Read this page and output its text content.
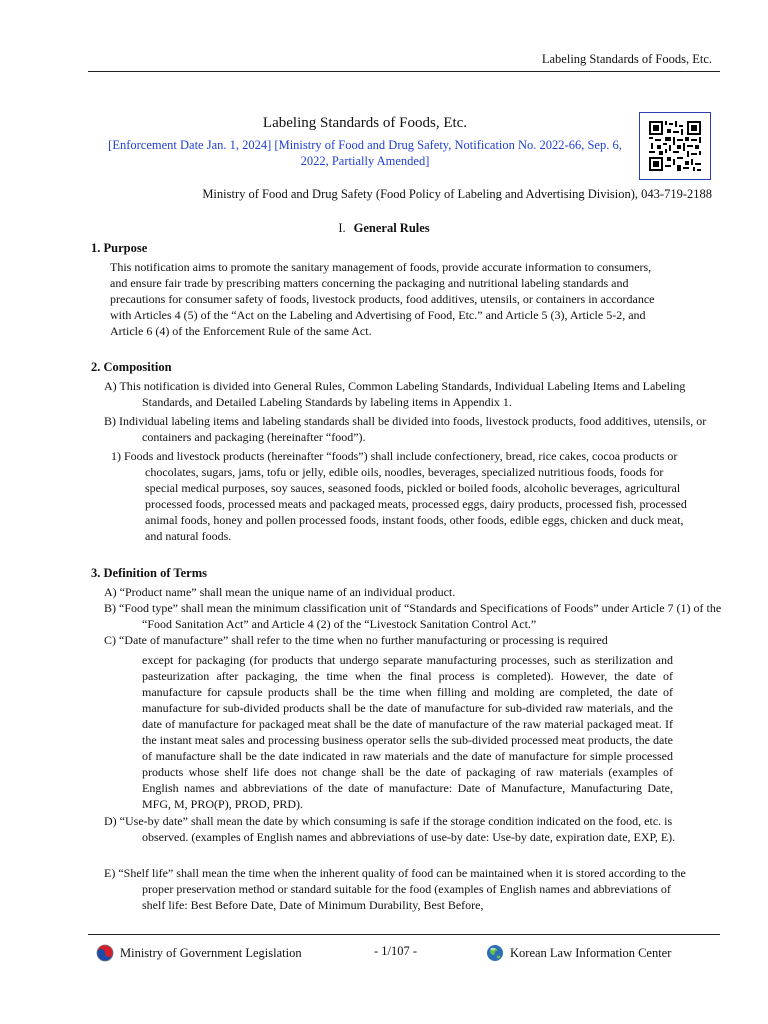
Labeling Standards of Foods, Etc.
Labeling Standards of Foods, Etc.
[Enforcement Date Jan. 1, 2024] [Ministry of Food and Drug Safety, Notification No. 2022-66, Sep. 6, 2022, Partially Amended]
Ministry of Food and Drug Safety (Food Policy of Labeling and Advertising Division), 043-719-2188
I. General Rules
1. Purpose
This notification aims to promote the sanitary management of foods, provide accurate information to consumers, and ensure fair trade by prescribing matters concerning the packaging and nutritional labeling standards and precautions for consumer safety of foods, livestock products, food additives, utensils, or containers in accordance with Articles 4 (5) of the “Act on the Labeling and Advertising of Food, Etc.” and Article 5 (3), Article 5-2, and Article 6 (4) of the Enforcement Rule of the same Act.
2. Composition
A) This notification is divided into General Rules, Common Labeling Standards, Individual Labeling Items and Labeling Standards, and Detailed Labeling Standards by labeling items in Appendix 1.
B) Individual labeling items and labeling standards shall be divided into foods, livestock products, food additives, utensils, or containers and packaging (hereinafter “food”).
1) Foods and livestock products (hereinafter “foods”) shall include confectionery, bread, rice cakes, cocoa products or chocolates, sugars, jams, tofu or jelly, edible oils, noodles, beverages, specialized nutritious foods, foods for special medical purposes, soy sauces, seasoned foods, pickled or boiled foods, alcoholic beverages, agricultural processed foods, processed meats and packaged meats, processed eggs, dairy products, processed fish, processed animal foods, honey and pollen processed foods, instant foods, other foods, edible eggs, chicken and duck meat, and natural foods.
3. Definition of Terms
A) “Product name” shall mean the unique name of an individual product.
B) “Food type” shall mean the minimum classification unit of “Standards and Specifications of Foods” under Article 7 (1) of the “Food Sanitation Act” and Article 4 (2) of the “Livestock Sanitation Control Act.”
C) “Date of manufacture” shall refer to the time when no further manufacturing or processing is required
except for packaging (for products that undergo separate manufacturing processes, such as sterilization and pasteurization after packaging, the time when the final process is completed). However, the date of manufacture for capsule products shall be the time when filling and molding are completed, the date of manufacture for sub-divided products shall be the date of manufacture for sub-divided raw materials, and the date of manufacture for packaged meat shall be the date of manufacture of the raw material packaged meat. If the instant meat sales and processing business operator sells the sub-divided processed meat products, the date of manufacture shall be the date indicated in raw materials and the date of manufacture for simple processed products whose shelf life does not change shall be the date of packaging of raw materials (examples of English names and abbreviations of the date of manufacture: Date of Manufacture, Manufacturing Date, MFG, M, PRO(P), PROD, PRD).
D) “Use-by date” shall mean the date by which consuming is safe if the storage condition indicated on the food, etc. is observed. (examples of English names and abbreviations of use-by date: Use-by date, expiration date, EXP, E).
E) “Shelf life” shall mean the time when the inherent quality of food can be maintained when it is stored according to the proper preservation method or standard suitable for the food (examples of English names and abbreviations of shelf life: Best Before Date, Date of Minimum Durability, Best Before,
Ministry of Government Legislation	- 1/107 -	Korean Law Information Center
